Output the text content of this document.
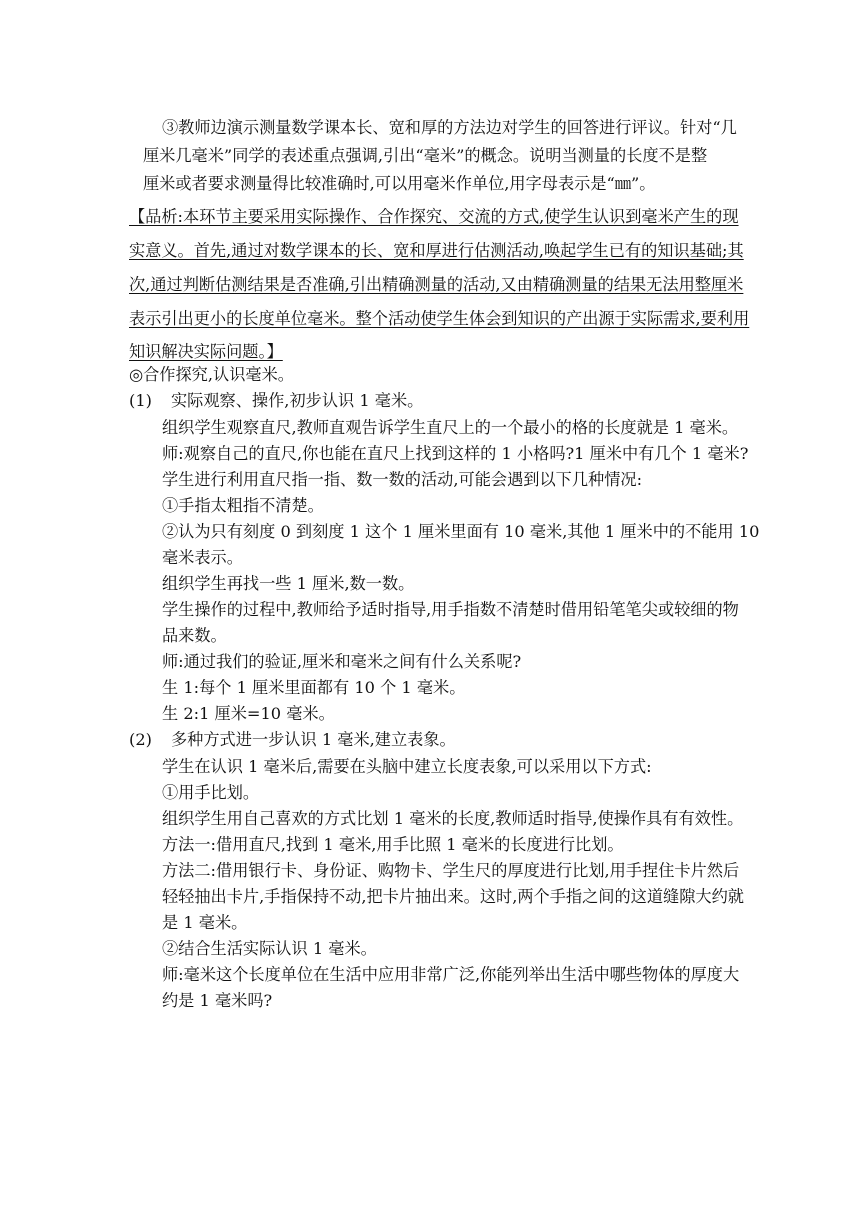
③教师边演示测量数学课本长、宽和厚的方法边对学生的回答进行评议。针对“几
厘米几毫米”同学的表述重点强调,引出“毫米”的概念。说明当测量的长度不是整
厘米或者要求测量得比较准确时,可以用毫米作单位,用字母表示是“㎜”。
【品析:本环节主要采用实际操作、合作探究、交流的方式,使学生认识到毫米产生的现
实意义。首先,通过对数学课本的长、宽和厚进行估测活动,唤起学生已有的知识基础;其
次,通过判断估测结果是否准确,引出精确测量的活动,又由精确测量的结果无法用整厘米
表示引出更小的长度单位毫米。整个活动使学生体会到知识的产出源于实际需求,要利用
知识解决实际问题。】
◎合作探究,认识毫米。
(1) 实际观察、操作,初步认识 1 毫米。
组织学生观察直尺,教师直观告诉学生直尺上的一个最小的格的长度就是 1 毫米。
师:观察自己的直尺,你也能在直尺上找到这样的 1 小格吗?1 厘米中有几个 1 毫米?
学生进行利用直尺指一指、数一数的活动,可能会遇到以下几种情况:
①手指太粗指不清楚。
②认为只有刻度 0 到刻度 1 这个 1 厘米里面有 10 毫米,其他 1 厘米中的不能用 10
毫米表示。
组织学生再找一些 1 厘米,数一数。
学生操作的过程中,教师给予适时指导,用手指数不清楚时借用铅笔笔尖或较细的物
品来数。
师:通过我们的验证,厘米和毫米之间有什么关系呢?
生 1:每个 1 厘米里面都有 10 个 1 毫米。
生 2:1 厘米=10 毫米。
(2) 多种方式进一步认识 1 毫米,建立表象。
学生在认识 1 毫米后,需要在头脑中建立长度表象,可以采用以下方式:
①用手比划。
组织学生用自己喜欢的方式比划 1 毫米的长度,教师适时指导,使操作具有有效性。
方法一:借用直尺,找到 1 毫米,用手比照 1 毫米的长度进行比划。
方法二:借用银行卡、身份证、购物卡、学生尺的厚度进行比划,用手捏住卡片然后
轻轻抽出卡片,手指保持不动,把卡片抽出来。这时,两个手指之间的这道缝隙大约就
是 1 毫米。
②结合生活实际认识 1 毫米。
师:毫米这个长度单位在生活中应用非常广泛,你能列举出生活中哪些物体的厚度大
约是 1 毫米吗?
